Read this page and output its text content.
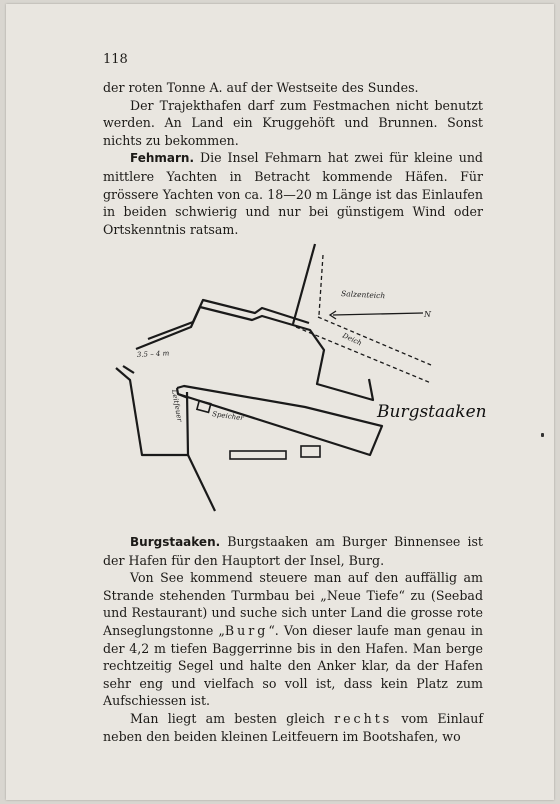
118

der roten Tonne A. auf der Westseite des Sundes.

Der Trajekthafen darf zum Festmachen nicht benutzt werden. An Land ein Kruggehöft und Brunnen. Sonst nichts zu bekommen.

Fehmarn. Die Insel Fehmarn hat zwei für kleine und mittlere Yachten in Betracht kommende Häfen. Für grössere Yachten von ca. 18—20 m Länge ist das Einlaufen in beiden schwierig und nur bei günstigem Wind oder Ortskenntnis ratsam.

Salzenteich
N
Deich
3.5 – 4 m
Speicher
Leitfeuer	Burgstaaken

Burgstaaken. Burgstaaken am Burger Binnensee ist der Hafen für den Hauptort der Insel, Burg.

Von See kommend steuere man auf den auffällig am Strande stehenden Turmbau bei „Neue Tiefe“ zu (Seebad und Restaurant) und suche sich unter Land die grosse rote Anseglungstonne „Burg“. Von dieser laufe man genau in der 4,2 m tiefen Baggerrinne bis in den Hafen. Man berge rechtzeitig Segel und halte den Anker klar, da der Hafen sehr eng und vielfach so voll ist, dass kein Platz zum Aufschiessen ist.

Man liegt am besten gleich rechts vom Einlauf neben den beiden kleinen Leitfeuern im Bootshafen, wo
